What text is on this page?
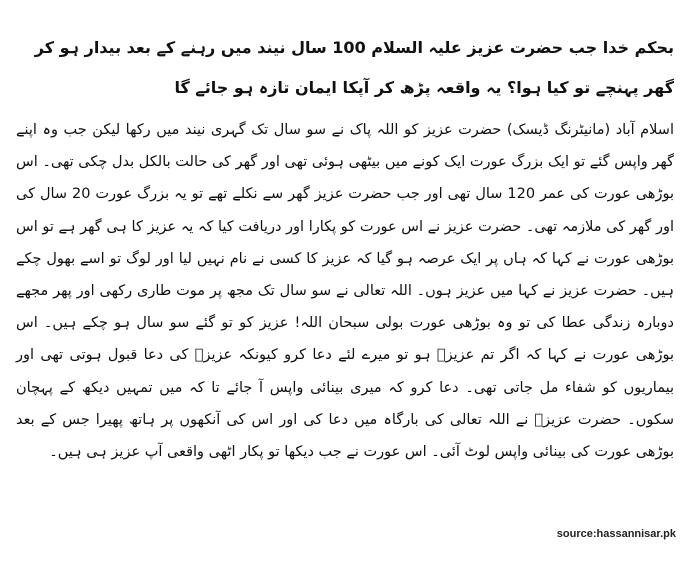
بحکم خدا جب حضرت عزیز علیہ السلام 100 سال نیند میں رہنے کے بعد بیدار ہو کر گھر پہنچے تو کیا ہوا؟ یہ واقعہ پڑھ کر آپکا ایمان تازہ ہو جائے گا
اسلام آباد (مانیٹرنگ ڈیسک) حضرت عزیز کو اللہ پاک نے سو سال تک گہری نیند میں رکھا لیکن جب وہ اپنے گھر واپس گئے تو ایک بزرگ عورت ایک کونے میں بیٹھی ہوئی تھی اور گھر کی حالت بالکل بدل چکی تھی۔ اس بوڑھی عورت کی عمر 120 سال تھی اور جب حضرت عزیز گھر سے نکلے تھے تو یہ بزرگ عورت 20 سال کی اور گھر کی ملازمہ تھی۔ حضرت عزیز نے اس عورت کو پکارا اور دریافت کیا کہ یہ عزیز کا ہی گھر ہے تو اس بوڑھی عورت نے کہا کہ ہاں پر ایک عرصہ ہو گیا کہ عزیز کا کسی نے نام نہیں لیا اور لوگ تو اسے بھول چکے ہیں۔ حضرت عزیز نے کہا میں عزیز ہوں۔ اللہ تعالی نے سو سال تک مجھ پر موت طاری رکھی اور پھر مجھے دوبارہ زندگی عطا کی تو وہ بوڑھی عورت بولی سبحان اللہ! عزیز کو تو گئے سو سال ہو چکے ہیں۔ اس بوڑھی عورت نے کہا کہ اگر تم عزیزؑ ہو تو میرے لئے دعا کرو کیونکہ عزیزؑ کی دعا قبول ہوتی تھی اور بیماریوں کو شفاء مل جاتی تھی۔ دعا کرو کہ میری بینائی واپس آ جائے تا کہ میں تمہیں دیکھ کے پہچان سکوں۔ حضرت عزیزؑ نے اللہ تعالی کی بارگاہ میں دعا کی اور اس کی آنکھوں پر ہاتھ پھیرا جس کے بعد بوڑھی عورت کی بینائی واپس لوٹ آئی۔ اس عورت نے جب دیکھا تو پکار اٹھی واقعی آپ عزیز ہی ہیں۔
source:hassannisar.pk
